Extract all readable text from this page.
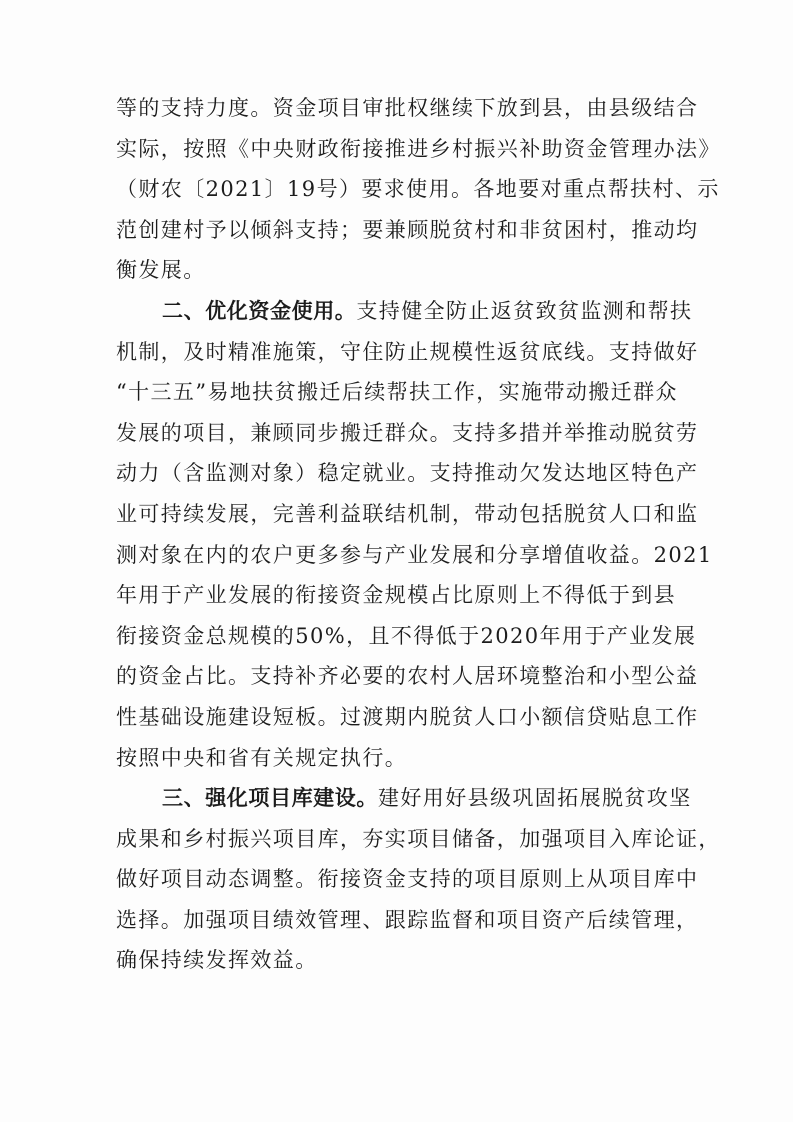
等的支持力度。资金项目审批权继续下放到县，由县级结合
实际，按照《中央财政衔接推进乡村振兴补助资金管理办法》
（财农〔2021〕19号）要求使用。各地要对重点帮扶村、示
范创建村予以倾斜支持；要兼顾脱贫村和非贫困村，推动均
衡发展。
二、优化资金使用。支持健全防止返贫致贫监测和帮扶
机制，及时精准施策，守住防止规模性返贫底线。支持做好
“十三五”易地扶贫搬迁后续帮扶工作，实施带动搬迁群众
发展的项目，兼顾同步搬迁群众。支持多措并举推动脱贫劳
动力（含监测对象）稳定就业。支持推动欠发达地区特色产
业可持续发展，完善利益联结机制，带动包括脱贫人口和监
测对象在内的农户更多参与产业发展和分享增值收益。2021
年用于产业发展的衔接资金规模占比原则上不得低于到县
衔接资金总规模的50%，且不得低于2020年用于产业发展
的资金占比。支持补齐必要的农村人居环境整治和小型公益
性基础设施建设短板。过渡期内脱贫人口小额信贷贴息工作
按照中央和省有关规定执行。
三、强化项目库建设。建好用好县级巩固拓展脱贫攻坚
成果和乡村振兴项目库，夯实项目储备，加强项目入库论证，
做好项目动态调整。衔接资金支持的项目原则上从项目库中
选择。加强项目绩效管理、跟踪监督和项目资产后续管理，
确保持续发挥效益。
